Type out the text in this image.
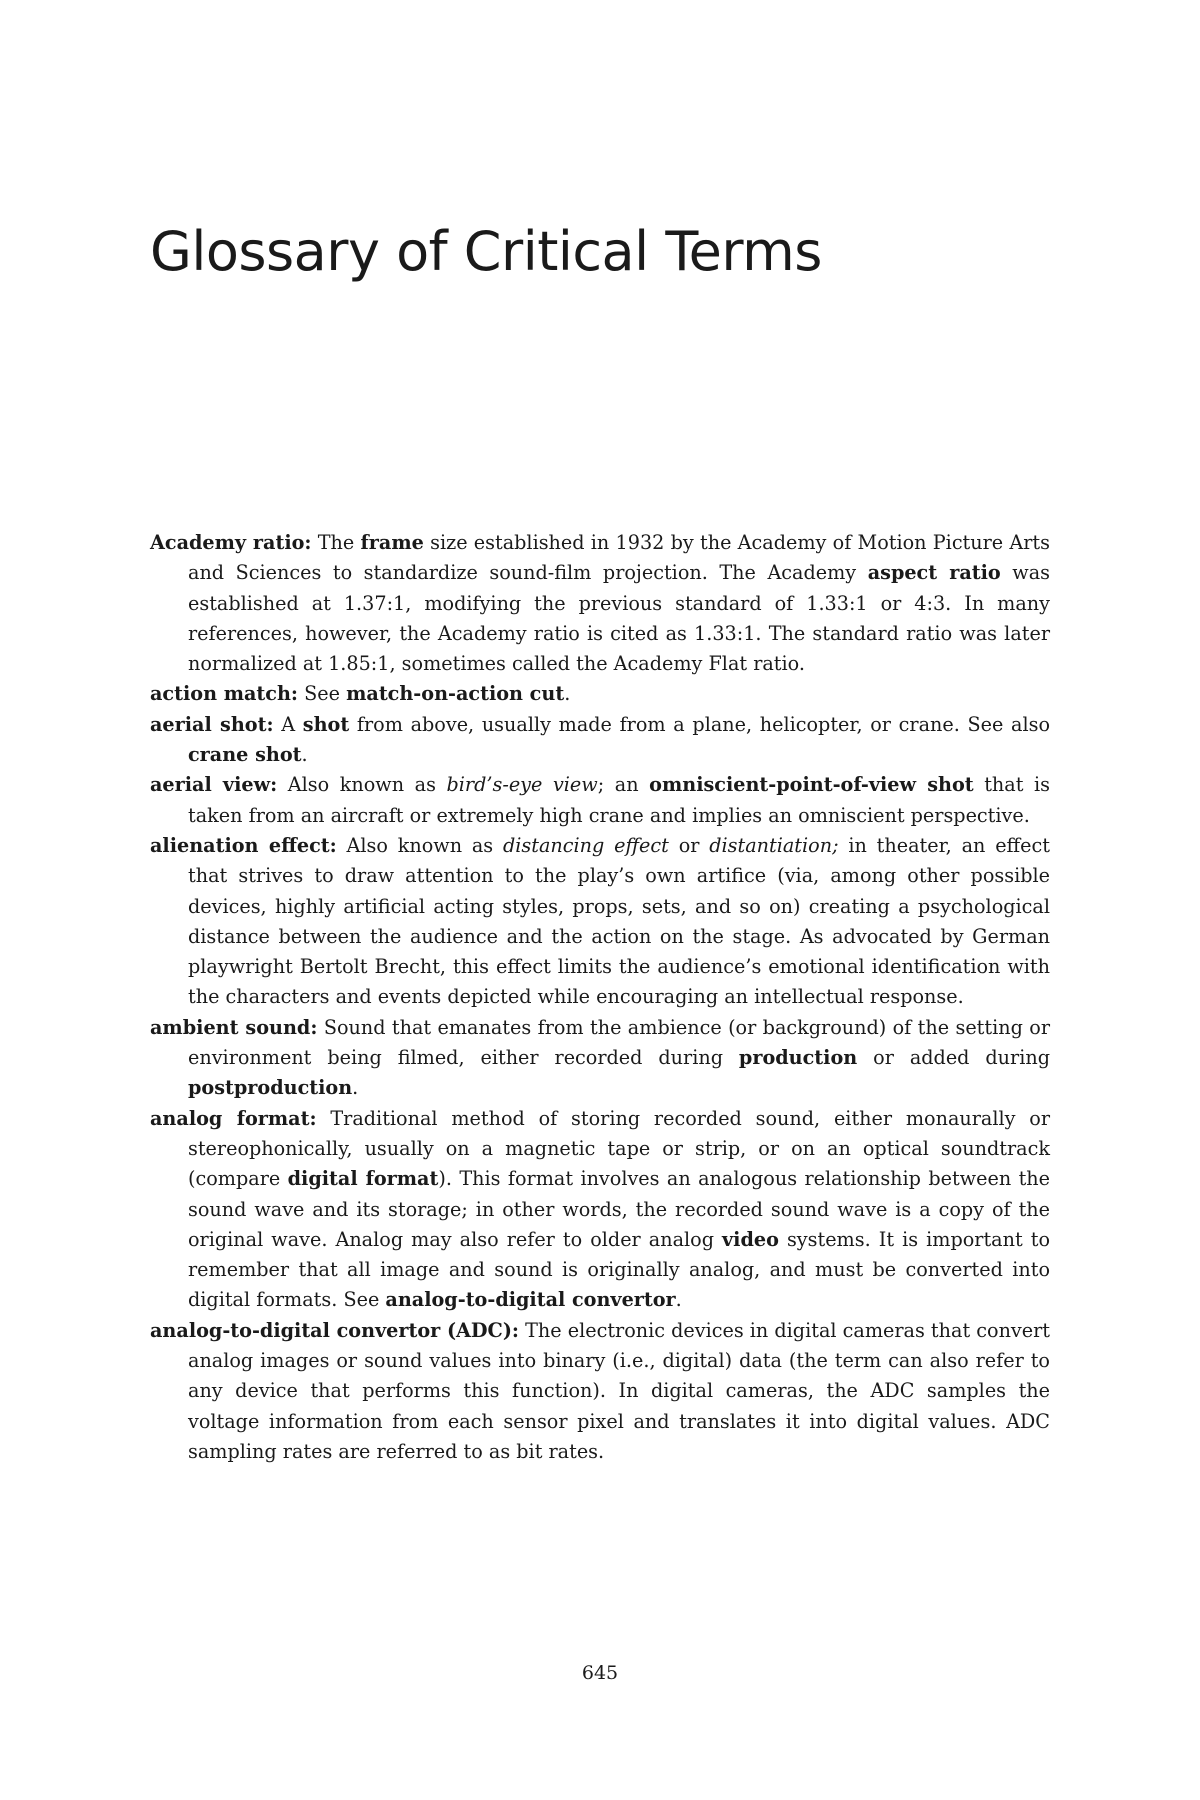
Glossary of Critical Terms

Academy ratio: The frame size established in 1932 by the Academy of Motion Picture Arts and Sciences to standardize sound-film projection. The Academy aspect ratio was established at 1.37:1, modifying the previous standard of 1.33:1 or 4:3. In many references, however, the Academy ratio is cited as 1.33:1. The standard ratio was later normalized at 1.85:1, sometimes called the Academy Flat ratio.

action match: See match-on-action cut.

aerial shot: A shot from above, usually made from a plane, helicopter, or crane. See also crane shot.

aerial view: Also known as bird’s-eye view; an omniscient-point-of-view shot that is taken from an aircraft or extremely high crane and implies an omniscient perspective.

alienation effect: Also known as distancing effect or distantiation; in theater, an effect that strives to draw attention to the play’s own artifice (via, among other possible devices, highly artificial acting styles, props, sets, and so on) creating a psychological distance between the audience and the action on the stage. As advocated by German playwright Bertolt Brecht, this effect limits the audience’s emotional identification with the characters and events depicted while encouraging an intellectual response.

ambient sound: Sound that emanates from the ambience (or background) of the setting or environment being filmed, either recorded during production or added during postproduction.

analog format: Traditional method of storing recorded sound, either monaurally or stereophonically, usually on a magnetic tape or strip, or on an optical soundtrack (compare digital format). This format involves an analogous relationship between the sound wave and its storage; in other words, the recorded sound wave is a copy of the original wave. Analog may also refer to older analog video systems. It is important to remember that all image and sound is originally analog, and must be converted into digital formats. See analog-to-digital convertor.

analog-to-digital convertor (ADC): The electronic devices in digital cameras that convert analog images or sound values into binary (i.e., digital) data (the term can also refer to any device that performs this function). In digital cameras, the ADC samples the voltage information from each sensor pixel and translates it into digital values. ADC sampling rates are referred to as bit rates.

645
